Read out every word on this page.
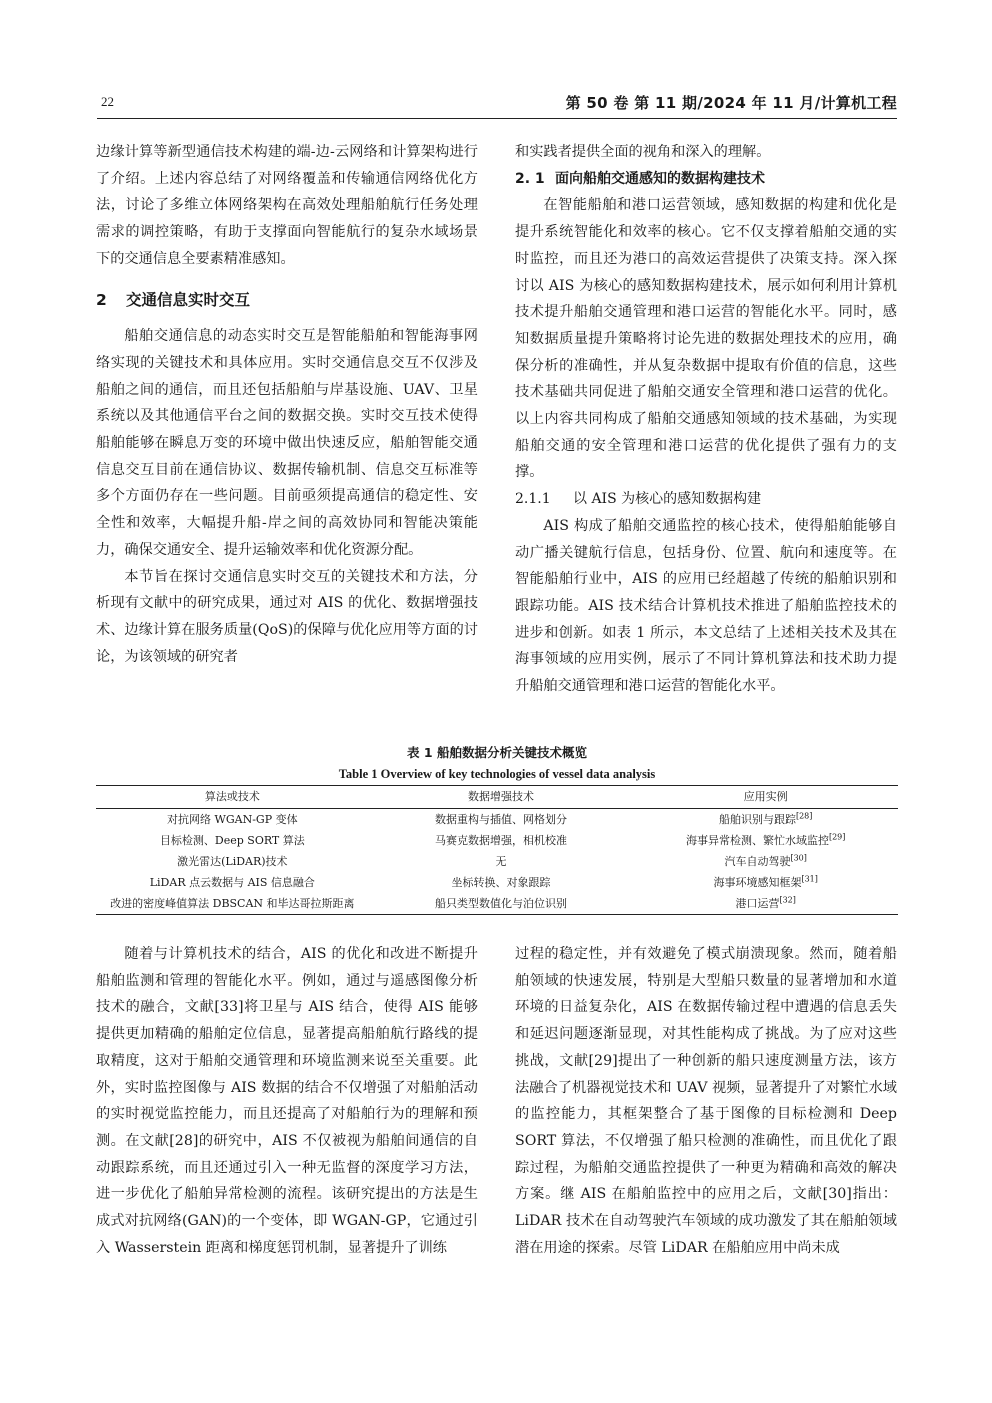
22	第 50 卷 第 11 期/2024 年 11 月/计算机工程

边缘计算等新型通信技术构建的端-边-云网络和计算架构进行了介绍。上述内容总结了对网络覆盖和传输通信网络优化方法，讨论了多维立体网络架构在高效处理船舶航行任务处理需求的调控策略，有助于支撑面向智能航行的复杂水域场景下的交通信息全要素精准感知。

2 交通信息实时交互

船舶交通信息的动态实时交互是智能船舶和智能海事网络实现的关键技术和具体应用。实时交通信息交互不仅涉及船舶之间的通信，而且还包括船舶与岸基设施、UAV、卫星系统以及其他通信平台之间的数据交换。实时交互技术使得船舶能够在瞬息万变的环境中做出快速反应，船舶智能交通信息交互目前在通信协议、数据传输机制、信息交互标准等多个方面仍存在一些问题。目前亟须提高通信的稳定性、安全性和效率，大幅提升船-岸之间的高效协同和智能决策能力，确保交通安全、提升运输效率和优化资源分配。

本节旨在探讨交通信息实时交互的关键技术和方法，分析现有文献中的研究成果，通过对 AIS 的优化、数据增强技术、边缘计算在服务质量(QoS)的保障与优化应用等方面的讨论，为该领域的研究者

和实践者提供全面的视角和深入的理解。

2. 1 面向船舶交通感知的数据构建技术

在智能船舶和港口运营领域，感知数据的构建和优化是提升系统智能化和效率的核心。它不仅支撑着船舶交通的实时监控，而且还为港口的高效运营提供了决策支持。深入探讨以 AIS 为核心的感知数据构建技术，展示如何利用计算机技术提升船舶交通管理和港口运营的智能化水平。同时，感知数据质量提升策略将讨论先进的数据处理技术的应用，确保分析的准确性，并从复杂数据中提取有价值的信息，这些技术基础共同促进了船舶交通安全管理和港口运营的优化。以上内容共同构成了船舶交通感知领域的技术基础，为实现船舶交通的安全管理和港口运营的优化提供了强有力的支撑。

2.1.1 以 AIS 为核心的感知数据构建

AIS 构成了船舶交通监控的核心技术，使得船舶能够自动广播关键航行信息，包括身份、位置、航向和速度等。在智能船舶行业中，AIS 的应用已经超越了传统的船舶识别和跟踪功能。AIS 技术结合计算机技术推进了船舶监控技术的进步和创新。如表 1 所示，本文总结了上述相关技术及其在海事领域的应用实例，展示了不同计算机算法和技术助力提升船舶交通管理和港口运营的智能化水平。

表 1 船舶数据分析关键技术概览
Table 1 Overview of key technologies of vessel data analysis
算法或技术	数据增强技术	应用实例
对抗网络 WGAN-GP 变体	数据重构与插值、网格划分	船舶识别与跟踪[28]
目标检测、Deep SORT 算法	马赛克数据增强，相机校准	海事异常检测、繁忙水域监控[29]
激光雷达(LiDAR)技术	无	汽车自动驾驶[30]
LiDAR 点云数据与 AIS 信息融合	坐标转换、对象跟踪	海事环境感知框架[31]
改进的密度峰值算法 DBSCAN 和毕达哥拉斯距离	船只类型数值化与泊位识别	港口运营[32]

随着与计算机技术的结合，AIS 的优化和改进不断提升船舶监测和管理的智能化水平。例如，通过与遥感图像分析技术的融合，文献[33]将卫星与 AIS 结合，使得 AIS 能够提供更加精确的船舶定位信息，显著提高船舶航行路线的提取精度，这对于船舶交通管理和环境监测来说至关重要。此外，实时监控图像与 AIS 数据的结合不仅增强了对船舶活动的实时视觉监控能力，而且还提高了对船舶行为的理解和预测。在文献[28]的研究中，AIS 不仅被视为船舶间通信的自动跟踪系统，而且还通过引入一种无监督的深度学习方法，进一步优化了船舶异常检测的流程。该研究提出的方法是生成式对抗网络(GAN)的一个变体，即 WGAN-GP，它通过引入 Wasserstein 距离和梯度惩罚机制，显著提升了训练

过程的稳定性，并有效避免了模式崩溃现象。然而，随着船舶领域的快速发展，特别是大型船只数量的显著增加和水道环境的日益复杂化，AIS 在数据传输过程中遭遇的信息丢失和延迟问题逐渐显现，对其性能构成了挑战。为了应对这些挑战，文献[29]提出了一种创新的船只速度测量方法，该方法融合了机器视觉技术和 UAV 视频，显著提升了对繁忙水域的监控能力，其框架整合了基于图像的目标检测和 Deep SORT 算法，不仅增强了船只检测的准确性，而且优化了跟踪过程，为船舶交通监控提供了一种更为精确和高效的解决方案。继 AIS 在船舶监控中的应用之后，文献[30]指出：LiDAR 技术在自动驾驶汽车领域的成功激发了其在船舶领域潜在用途的探索。尽管 LiDAR 在船舶应用中尚未成
